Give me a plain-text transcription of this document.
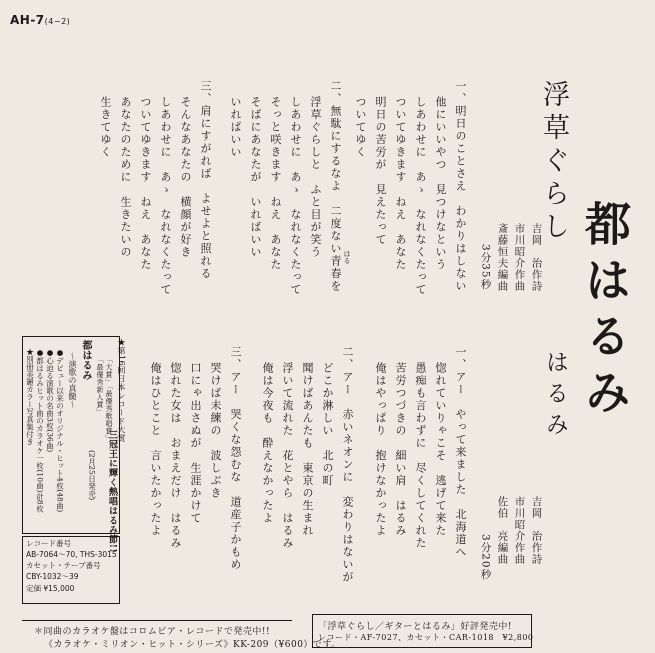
AH-7(4−2)
都はるみ
浮草ぐらし
吉岡　治作詩
市川昭介作曲
斎藤恒夫編曲
3分35秒
一、明日のことさえ　わかりはしない
他にいいやつ　見つけなという
しあわせに　あゝ　なれなくたって
ついてゆきます　ねえ　あなた
明日の苦労が　見えたって
ついてゆく
二、無駄にするなよ　二度ない青春を はる
浮草ぐらしと　ふと目が笑う
しあわせに　あゝ　なれなくたって
そっと咲きます　ねえ　あなた
そばにあなたが　いればいい
いればいい
三、肩にすがれば　よせよと照れる
そんなあなたの　横顔が好き
しあわせに　あゝ　なれなくたって
ついてゆきます　ねえ　あなた
あなたのために　生きたいの
生きてゆく
はるみ
吉岡　治作詩
市川昭介作曲
佐伯　亮編曲
3分20秒
一、アー　やって来ました　北海道へ
惚れていりゃこそ　逃げて来た
愚痴も言わずに　尽くしてくれた
苦労つづきの　細い肩　はるみ
俺はやっぱり　抱けなかったよ
二、アー　赤いネオンに　変わりはないが
どこか淋しい　北の町
聞けばあんたも　東京の生まれ
浮いて流れた　花とやら　はるみ
俺は今夜も　酔えなかったよ
三、アー　哭くな怨むな　道産子かもめ
哭けば未練の　波しぶき
口にゃ出さぬが　生涯かけて
惚れた女は　おまえだけ　はるみ
俺はひとこと　言いたかったよ
★第16回日本レコード大賞
「大賞」「最優秀歌唱賞」
「最優秀新人賞」
三冠王に輝く熱唱はるみ節!!
都はるみ
〜演歌の真髄〜
(2月25日発売)
●デビュー以来のオリジナル・ヒット4枚(48曲)
●心迫る演歌の名曲3枚(36曲)
●都はるみヒット曲のカラオケ一枚(10曲)計8枚
★別冊美麗カラー写真集付き
レコード番号
AB-7064〜70, THS-3015
カセット・テープ番号
CBY-1032〜39
定価 ¥15,000
＊同曲のカラオケ盤はコロムビア・レコードで発売中!!
《カラオケ・ミリオン・ヒット・シリーズ》KK-209（¥600）です。
「浮草ぐらし／ギターとはるみ」好評発売中!
レコード・AF-7027、カセット・CAR-1018　¥2,800
